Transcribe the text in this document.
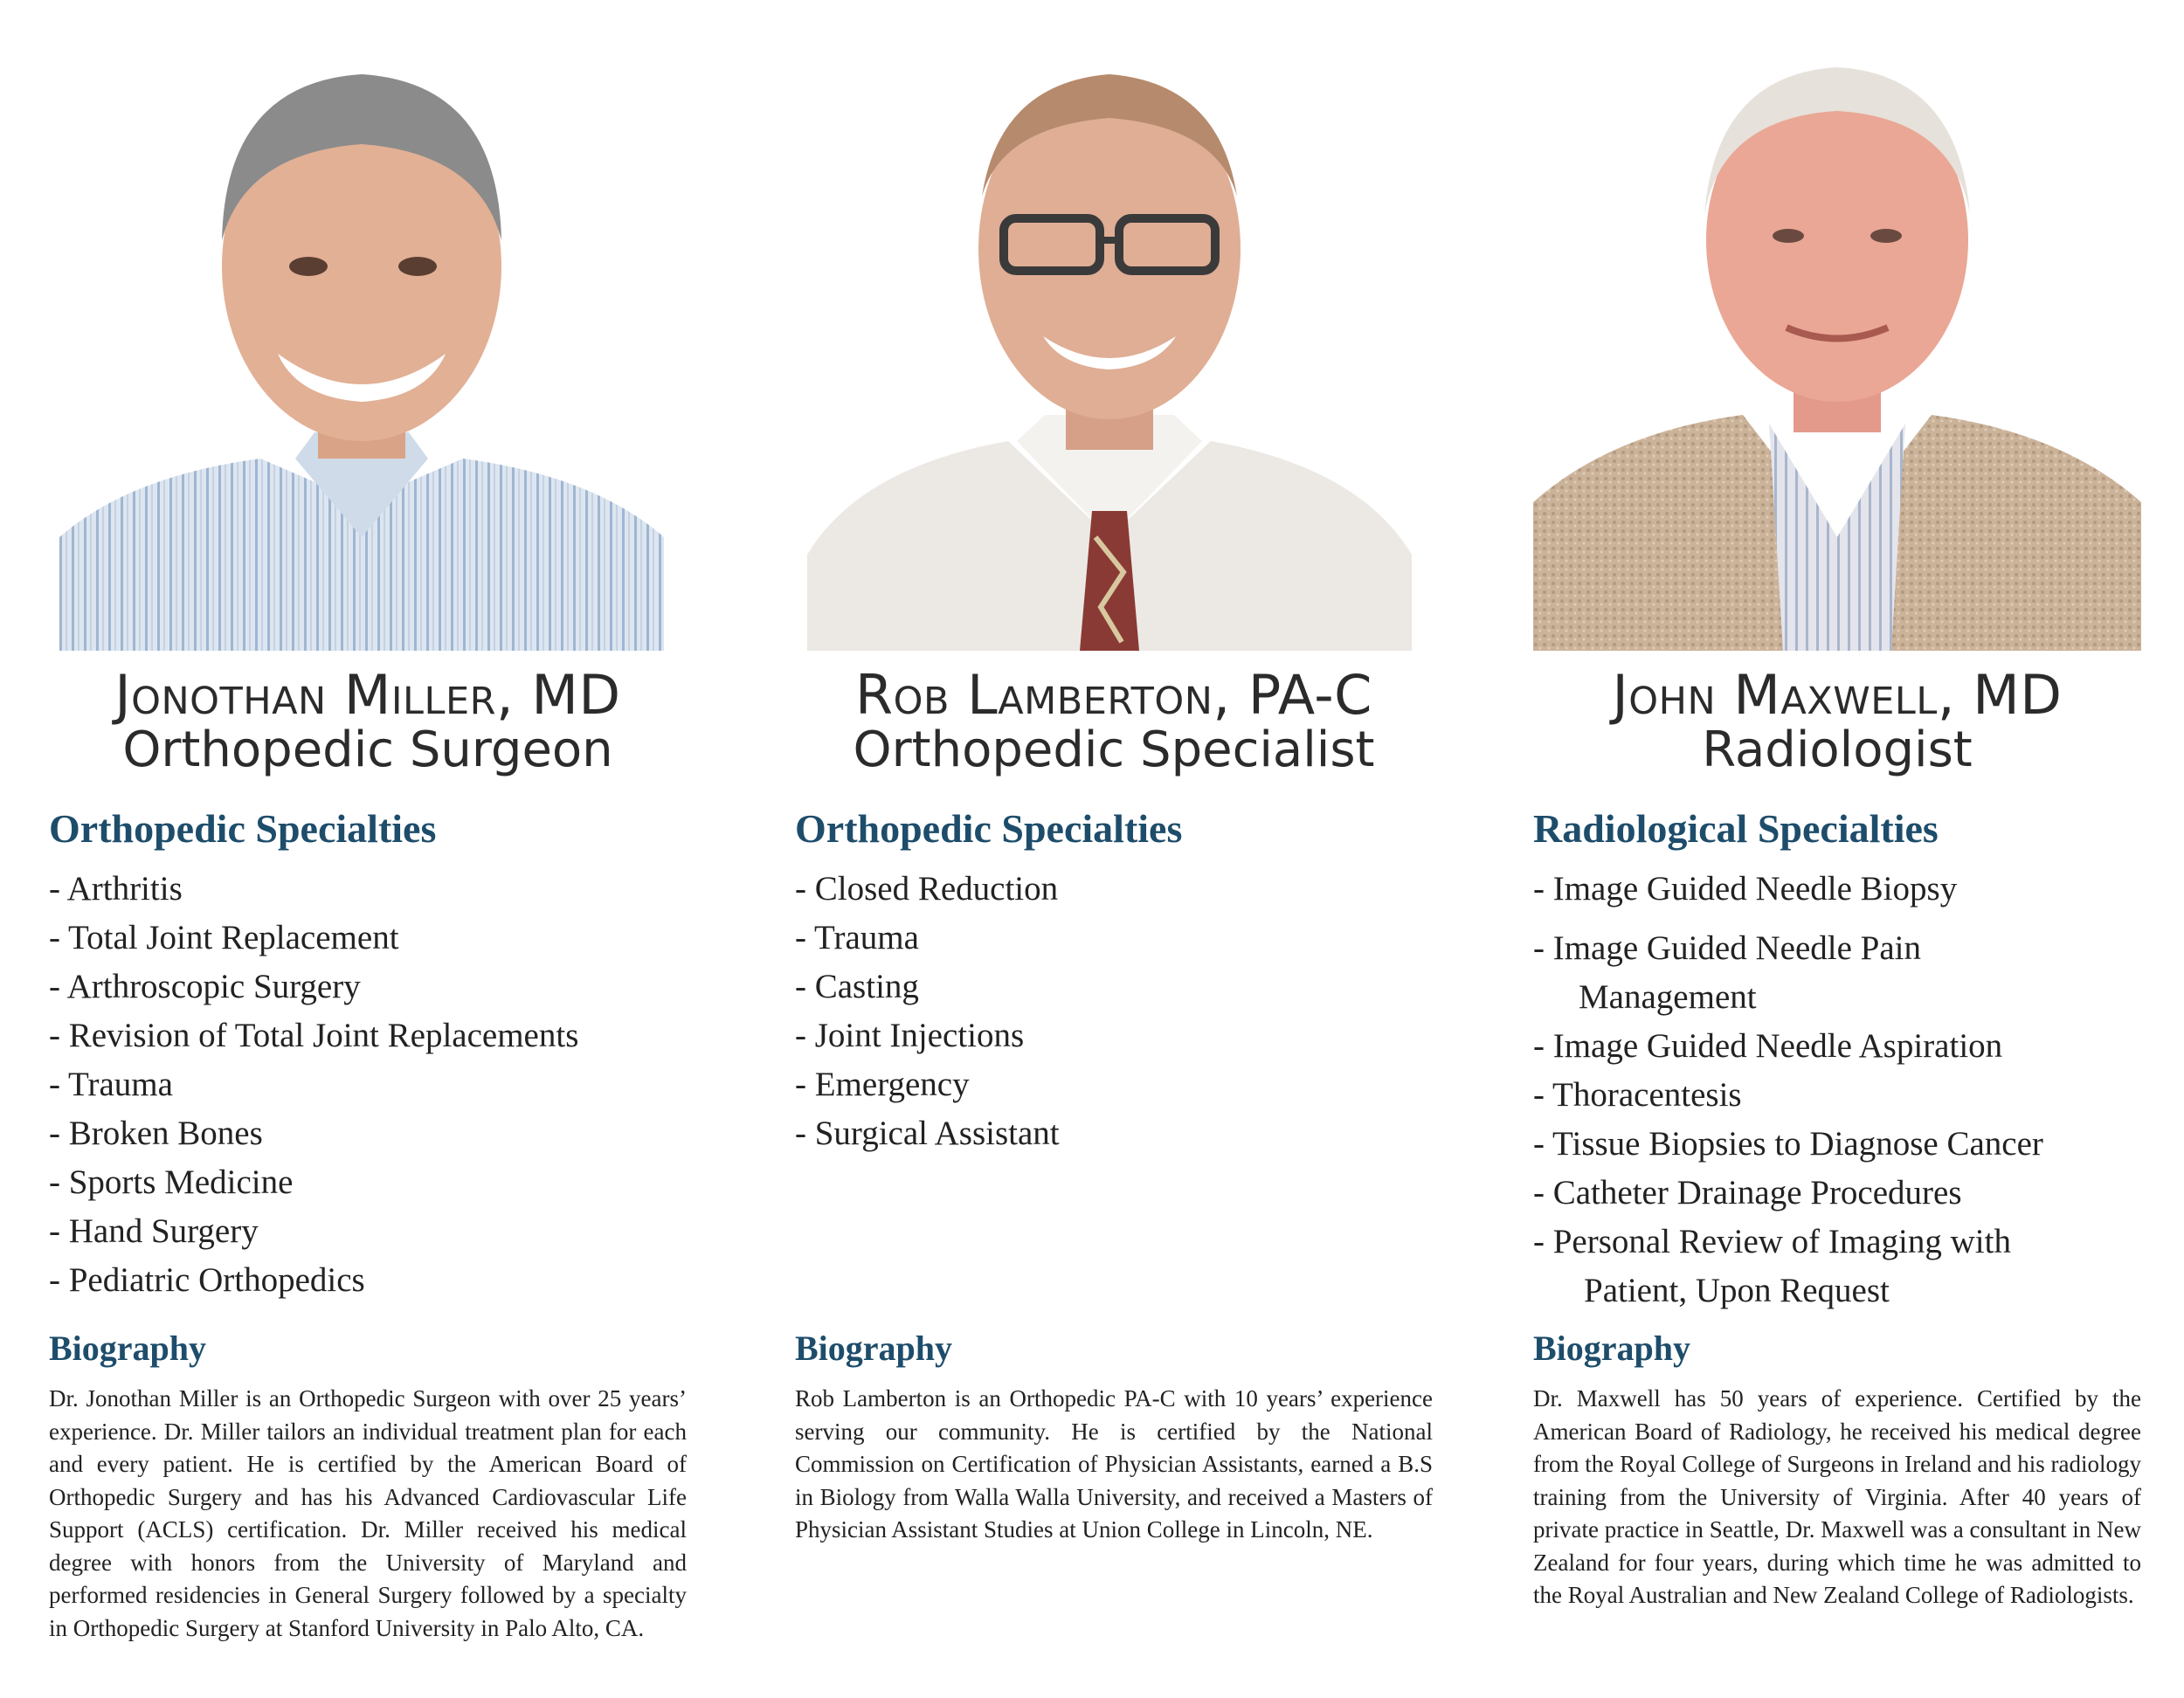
Jonothan Miller, MD
Orthopedic Surgeon
Orthopedic Specialties
- Arthritis
- Total Joint Replacement
- Arthroscopic Surgery
- Revision of Total Joint Replacements
- Trauma
- Broken Bones
- Sports Medicine
- Hand Surgery
- Pediatric Orthopedics
Biography

Dr. Jonothan Miller is an Orthopedic Surgeon with over 25 years’ experience. Dr. Miller tailors an individual treatment plan for each and every patient. He is certified by the American Board of Orthopedic Surgery and has his Advanced Cardiovascular Life Support (ACLS) certification. Dr. Miller received his medical degree with honors from the University of Maryland and performed residencies in General Surgery followed by a specialty in Orthopedic Surgery at Stanford University in Palo Alto, CA.

Rob Lamberton, PA-C
Orthopedic Specialist
Orthopedic Specialties
- Closed Reduction
- Trauma
- Casting
- Joint Injections
- Emergency
- Surgical Assistant
Biography

Rob Lamberton is an Orthopedic PA-C with 10 years’ experience serving our community. He is certified by the National Commission on Certification of Physician Assistants, earned a B.S in Biology from Walla Walla University, and received a Masters of Physician Assistant Studies at Union College in Lincoln, NE.

John Maxwell, MD
Radiologist
Radiological Specialties
- Image Guided Needle Biopsy
- Image Guided Needle Pain
Management
- Image Guided Needle Aspiration
- Thoracentesis
- Tissue Biopsies to Diagnose Cancer
- Catheter Drainage Procedures
- Personal Review of Imaging with
Patient, Upon Request
Biography

Dr. Maxwell has 50 years of experience. Certified by the American Board of Radiology, he received his medical degree from the Royal College of Surgeons in Ireland and his radiology training from the University of Virginia. After 40 years of private practice in Seattle, Dr. Maxwell was a consultant in New Zealand for four years, during which time he was admitted to the Royal Australian and New Zealand College of Radiologists.
